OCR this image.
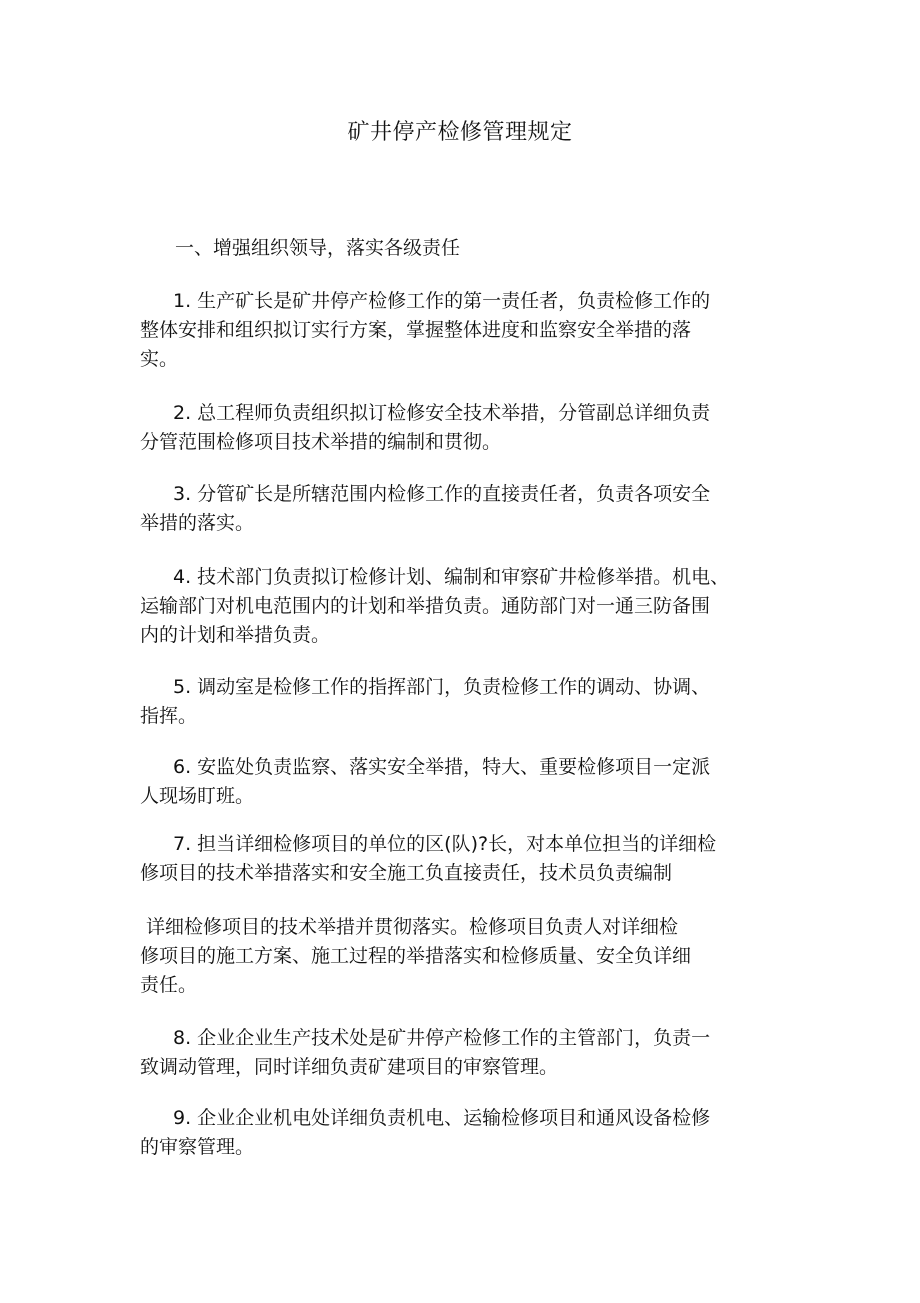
矿井停产检修管理规定
一、增强组织领导，落实各级责任

1. 生产矿长是矿井停产检修工作的第一责任者，负责检修工作的
整体安排和组织拟订实行方案，掌握整体进度和监察安全举措的落
实。

2. 总工程师负责组织拟订检修安全技术举措，分管副总详细负责
分管范围检修项目技术举措的编制和贯彻。

3. 分管矿长是所辖范围内检修工作的直接责任者，负责各项安全
举措的落实。

4. 技术部门负责拟订检修计划、编制和审察矿井检修举措。机电、
运输部门对机电范围内的计划和举措负责。通防部门对一通三防备围
内的计划和举措负责。

5. 调动室是检修工作的指挥部门，负责检修工作的调动、协调、
指挥。

6. 安监处负责监察、落实安全举措，特大、重要检修项目一定派
人现场盯班。

7. 担当详细检修项目的单位的区(队)?长，对本单位担当的详细检
修项目的技术举措落实和安全施工负直接责任，技术员负责编制

详细检修项目的技术举措并贯彻落实。检修项目负责人对详细检
修项目的施工方案、施工过程的举措落实和检修质量、安全负详细
责任。

8. 企业企业生产技术处是矿井停产检修工作的主管部门，负责一
致调动管理，同时详细负责矿建项目的审察管理。

9. 企业企业机电处详细负责机电、运输检修项目和通风设备检修
的审察管理。
